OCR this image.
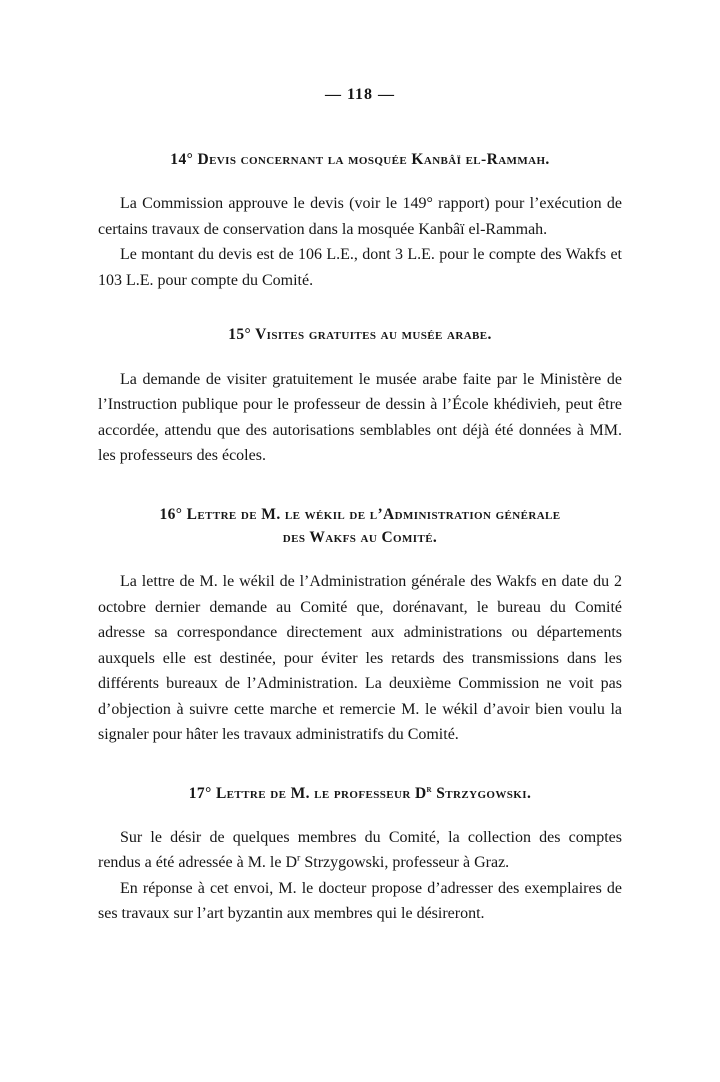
— 118 —
14° Devis concernant la mosquée Kanbâï el-Rammah.

La Commission approuve le devis (voir le 149° rapport) pour l’exécution de certains travaux de conservation dans la mosquée Kanbâï el-Rammah.

Le montant du devis est de 106 L.E., dont 3 L.E. pour le compte des Wakfs et 103 L.E. pour compte du Comité.

15° Visites gratuites au musée arabe.

La demande de visiter gratuitement le musée arabe faite par le Ministère de l’Instruction publique pour le professeur de dessin à l’École khédivieh, peut être accordée, attendu que des autorisations semblables ont déjà été données à MM. les professeurs des écoles.

16° Lettre de M. le wékil de l’Administration générale
des Wakfs au Comité.

La lettre de M. le wékil de l’Administration générale des Wakfs en date du 2 octobre dernier demande au Comité que, dorénavant, le bureau du Comité adresse sa correspondance directement aux administrations ou départements auxquels elle est destinée, pour éviter les retards des transmissions dans les différents bureaux de l’Administration. La deuxième Commission ne voit pas d’objection à suivre cette marche et remercie M. le wékil d’avoir bien voulu la signaler pour hâter les travaux administratifs du Comité.

17° Lettre de M. le professeur $D^r$ Strzygowski.

Sur le désir de quelques membres du Comité, la collection des comptes rendus a été adressée à M. le $D^r$ Strzygowski, professeur à Graz.

En réponse à cet envoi, M. le docteur propose d’adresser des exemplaires de ses travaux sur l’art byzantin aux membres qui le désireront.
